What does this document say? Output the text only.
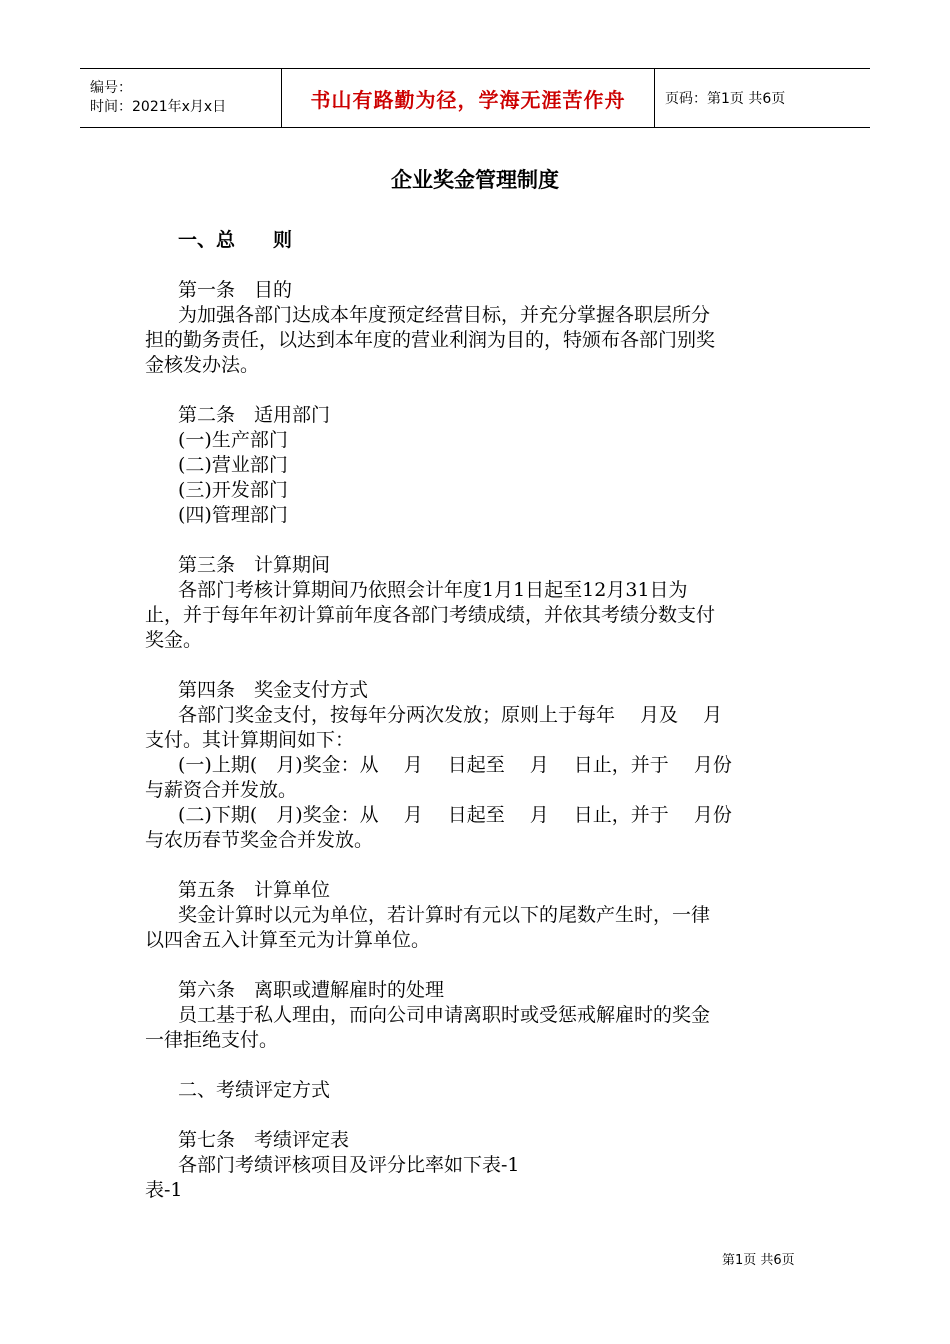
编号：
时间：2021年x月x日	书山有路勤为径，学海无涯苦作舟	页码：第1页 共6页
企业奖金管理制度
一、总　　则
第一条　目的
为加强各部门达成本年度预定经营目标，并充分掌握各职层所分
担的勤务责任，以达到本年度的营业利润为目的，特颁布各部门别奖
金核发办法。
第二条　适用部门
(一)生产部门
(二)营业部门
(三)开发部门
(四)管理部门
第三条　计算期间
各部门考核计算期间乃依照会计年度1月1日起至12月31日为
止，并于每年年初计算前年度各部门考绩成绩，并依其考绩分数支付
奖金。
第四条　奖金支付方式
各部门奖金支付，按每年分两次发放；原则上于每年　 月及　 月
支付。其计算期间如下：
(一)上期(　月)奖金：从　 月　 日起至　 月　 日止，并于　 月份
与薪资合并发放。
(二)下期(　月)奖金：从　 月　 日起至　 月　 日止，并于　 月份
与农历春节奖金合并发放。
第五条　计算单位
奖金计算时以元为单位，若计算时有元以下的尾数产生时，一律
以四舍五入计算至元为计算单位。
第六条　离职或遭解雇时的处理
员工基于私人理由，而向公司申请离职时或受惩戒解雇时的奖金
一律拒绝支付。
二、考绩评定方式
第七条　考绩评定表
各部门考绩评核项目及评分比率如下表-1
表-1
第1页 共6页
